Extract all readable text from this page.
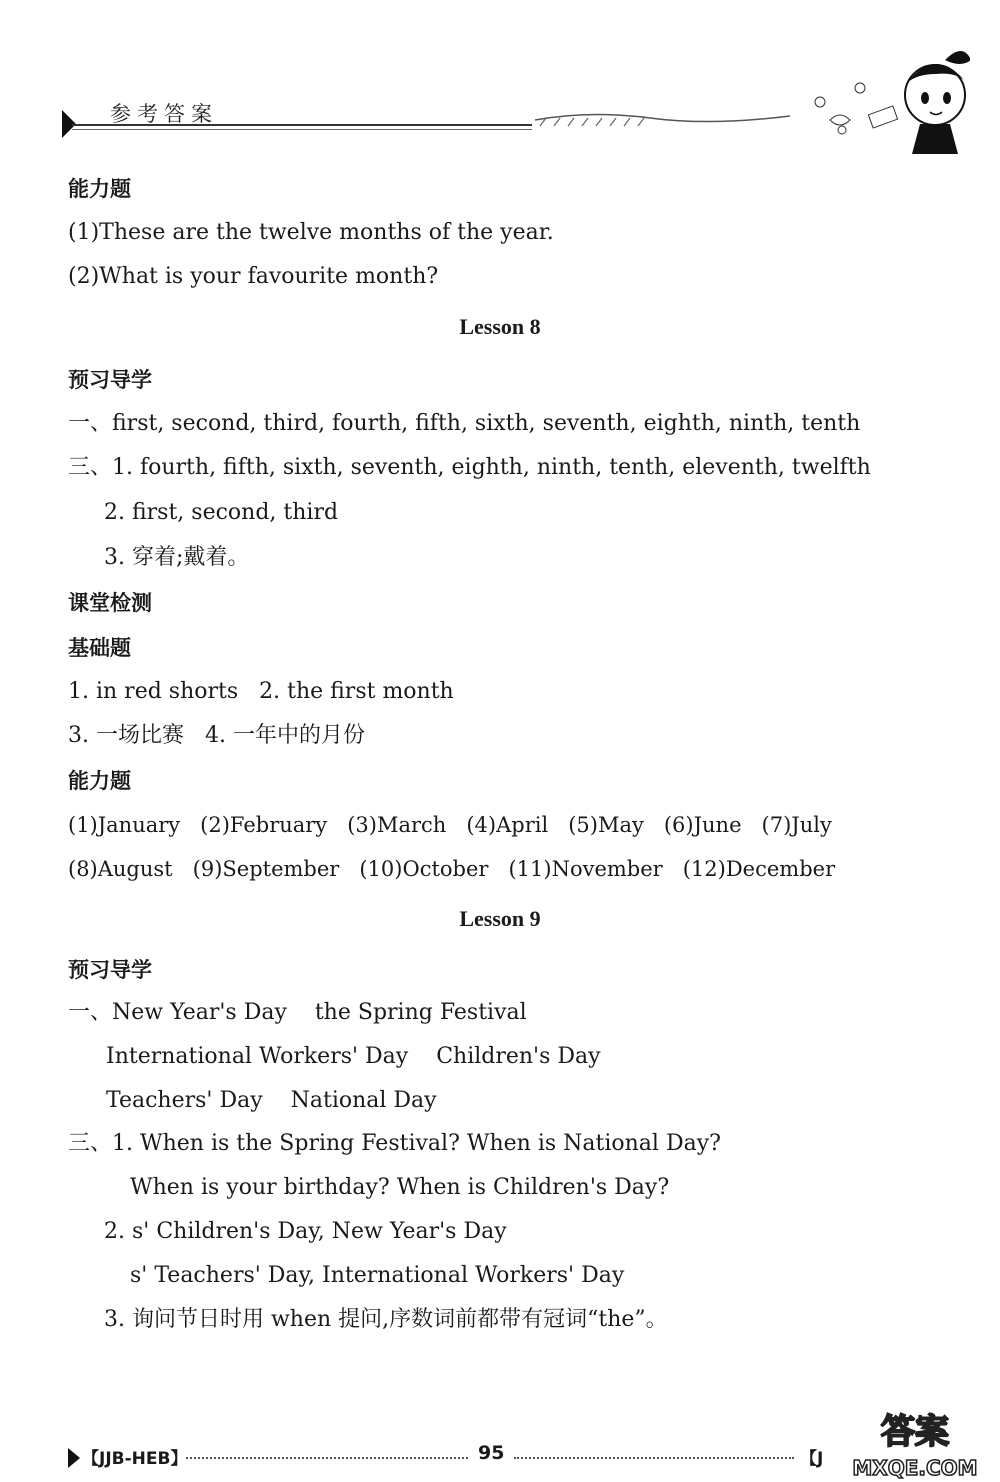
参考答案
能力题
(1)These are the twelve months of the year.
(2)What is your favourite month?
Lesson 8
预习导学
一、first, second, third, fourth, fifth, sixth, seventh, eighth, ninth, tenth
三、1. fourth, fifth, sixth, seventh, eighth, ninth, tenth, eleventh, twelfth
2. first, second, third
3. 穿着;戴着。
课堂检测
基础题
1. in red shorts   2. the first month
3. 一场比赛   4. 一年中的月份
能力题
(1)January   (2)February   (3)March   (4)April   (5)May   (6)June   (7)July
(8)August   (9)September   (10)October   (11)November   (12)December
Lesson 9
预习导学
一、New Year's Day    the Spring Festival
International Workers' Day    Children's Day
Teachers' Day    National Day
三、1. When is the Spring Festival? When is National Day?
When is your birthday? When is Children's Day?
2. s' Children's Day, New Year's Day
s' Teachers' Day, International Workers' Day
3. 询问节日时用 when 提问,序数词前都带有冠词“the”。
【JJB-HEB】	95	【J
答案
MXQE.COM
